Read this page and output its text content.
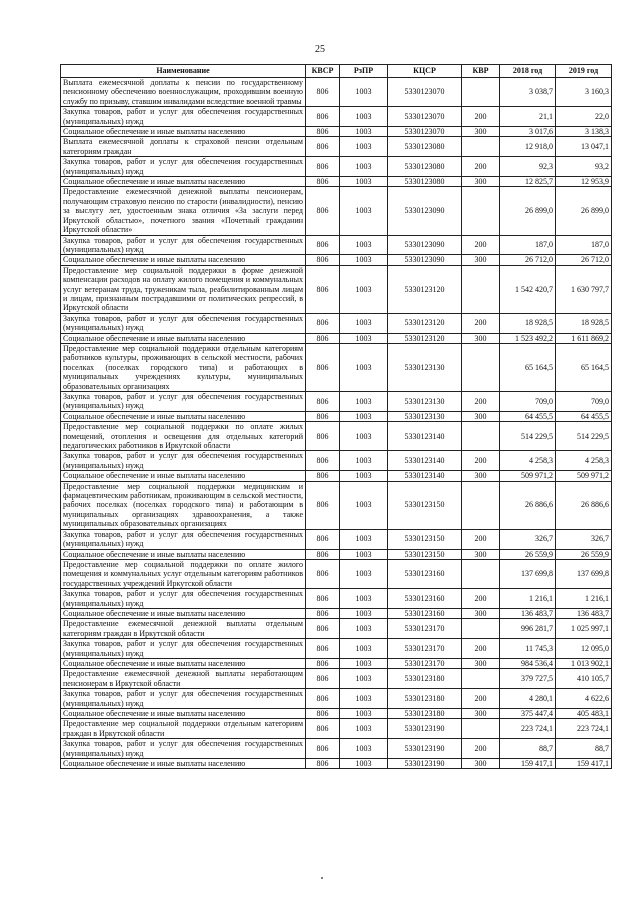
25
Наименование	КВСР	РзПР	КЦСР	КВР	2018 год	2019 год
Выплата ежемесячной доплаты к пенсии по государственному пенсионному обеспечению военнослужащим, проходившим военную службу по призыву, ставшим инвалидами вследствие военной травмы	806	1003	5330123070		3 038,7	3 160,3
Закупка товаров, работ и услуг для обеспечения государственных (муниципальных) нужд	806	1003	5330123070	200	21,1	22,0
Социальное обеспечение и иные выплаты населению	806	1003	5330123070	300	3 017,6	3 138,3
Выплата ежемесячной доплаты к страховой пенсии отдельным категориям граждан	806	1003	5330123080		12 918,0	13 047,1
Закупка товаров, работ и услуг для обеспечения государственных (муниципальных) нужд	806	1003	5330123080	200	92,3	93,2
Социальное обеспечение и иные выплаты населению	806	1003	5330123080	300	12 825,7	12 953,9
Предоставление ежемесячной денежной выплаты пенсионерам, получающим страховую пенсию по старости (инвалидности), пенсию за выслугу лет, удостоенным знака отличия «За заслуги перед Иркутской областью», почетного звания «Почетный гражданин Иркутской области»	806	1003	5330123090		26 899,0	26 899,0
Закупка товаров, работ и услуг для обеспечения государственных (муниципальных) нужд	806	1003	5330123090	200	187,0	187,0
Социальное обеспечение и иные выплаты населению	806	1003	5330123090	300	26 712,0	26 712,0
Предоставление мер социальной поддержки в форме денежной компенсации расходов на оплату жилого помещения и коммунальных услуг ветеранам труда, труженикам тыла, реабилитированным лицам и лицам, признанным пострадавшими от политических репрессий, в Иркутской области	806	1003	5330123120		1 542 420,7	1 630 797,7
Закупка товаров, работ и услуг для обеспечения государственных (муниципальных) нужд	806	1003	5330123120	200	18 928,5	18 928,5
Социальное обеспечение и иные выплаты населению	806	1003	5330123120	300	1 523 492,2	1 611 869,2
Предоставление мер социальной поддержки отдельным категориям работников культуры, проживающих в сельской местности, рабочих поселках (поселках городского типа) и работающих в муниципальных учреждениях культуры, муниципальных образовательных организациях	806	1003	5330123130		65 164,5	65 164,5
Закупка товаров, работ и услуг для обеспечения государственных (муниципальных) нужд	806	1003	5330123130	200	709,0	709,0
Социальное обеспечение и иные выплаты населению	806	1003	5330123130	300	64 455,5	64 455,5
Предоставление мер социальной поддержки по оплате жилых помещений, отопления и освещения для отдельных категорий педагогических работников в Иркутской области	806	1003	5330123140		514 229,5	514 229,5
Закупка товаров, работ и услуг для обеспечения государственных (муниципальных) нужд	806	1003	5330123140	200	4 258,3	4 258,3
Социальное обеспечение и иные выплаты населению	806	1003	5330123140	300	509 971,2	509 971,2
Предоставление мер социальной поддержки медицинским и фармацевтическим работникам, проживающим в сельской местности, рабочих поселках (поселках городского типа) и работающим в муниципальных организациях здравоохранения, а также муниципальных образовательных организациях	806	1003	5330123150		26 886,6	26 886,6
Закупка товаров, работ и услуг для обеспечения государственных (муниципальных) нужд	806	1003	5330123150	200	326,7	326,7
Социальное обеспечение и иные выплаты населению	806	1003	5330123150	300	26 559,9	26 559,9
Предоставление мер социальной поддержки по оплате жилого помещения и коммунальных услуг отдельным категориям работников государственных учреждений Иркутской области	806	1003	5330123160		137 699,8	137 699,8
Закупка товаров, работ и услуг для обеспечения государственных (муниципальных) нужд	806	1003	5330123160	200	1 216,1	1 216,1
Социальное обеспечение и иные выплаты населению	806	1003	5330123160	300	136 483,7	136 483,7
Предоставление ежемесячной денежной выплаты отдельным категориям граждан в Иркутской области	806	1003	5330123170		996 281,7	1 025 997,1
Закупка товаров, работ и услуг для обеспечения государственных (муниципальных) нужд	806	1003	5330123170	200	11 745,3	12 095,0
Социальное обеспечение и иные выплаты населению	806	1003	5330123170	300	984 536,4	1 013 902,1
Предоставление ежемесячной денежной выплаты неработающим пенсионерам в Иркутской области	806	1003	5330123180		379 727,5	410 105,7
Закупка товаров, работ и услуг для обеспечения государственных (муниципальных) нужд	806	1003	5330123180	200	4 280,1	4 622,6
Социальное обеспечение и иные выплаты населению	806	1003	5330123180	300	375 447,4	405 483,1
Предоставление мер социальной поддержки отдельным категориям граждан в Иркутской области	806	1003	5330123190		223 724,1	223 724,1
Закупка товаров, работ и услуг для обеспечения государственных (муниципальных) нужд	806	1003	5330123190	200	88,7	88,7
Социальное обеспечение и иные выплаты населению	806	1003	5330123190	300	159 417,1	159 417,1
